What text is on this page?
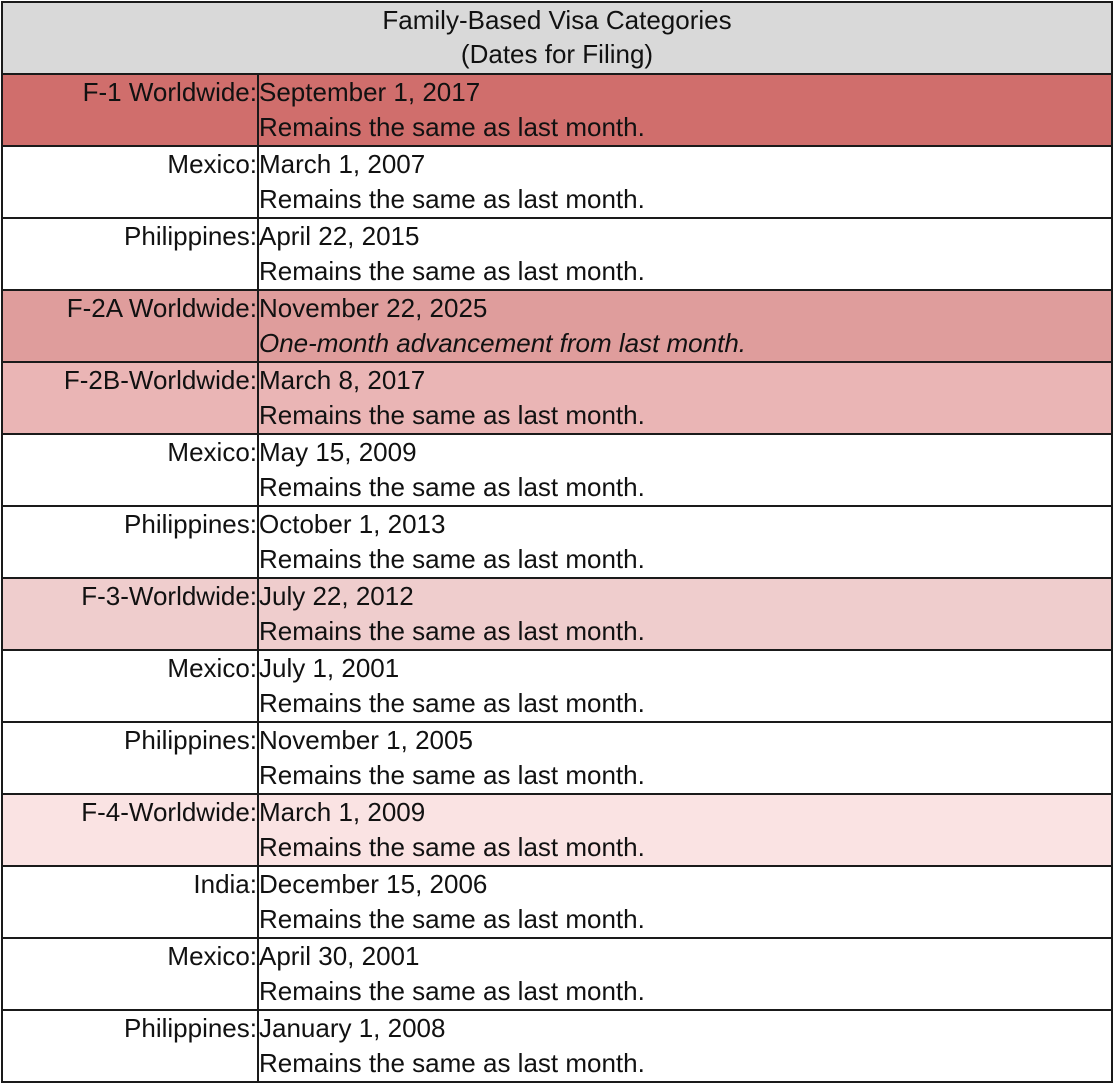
Family-Based Visa Categories
(Dates for Filing)	

F-1 Worldwide:	September 1, 2017
Remains the same as last month.

Mexico:	March 1, 2007
Remains the same as last month.

Philippines:	April 22, 2015
Remains the same as last month.

F-2A Worldwide:	November 22, 2025
One-month advancement from last month.

F-2B-Worldwide:	March 8, 2017
Remains the same as last month.

Mexico:	May 15, 2009
Remains the same as last month.

Philippines:	October 1, 2013
Remains the same as last month.

F-3-Worldwide:	July 22, 2012
Remains the same as last month.

Mexico:	July 1, 2001
Remains the same as last month.

Philippines:	November 1, 2005
Remains the same as last month.

F-4-Worldwide:	March 1, 2009
Remains the same as last month.

India:	December 15, 2006
Remains the same as last month.

Mexico:	April 30, 2001
Remains the same as last month.

Philippines:	January 1, 2008
Remains the same as last month.
